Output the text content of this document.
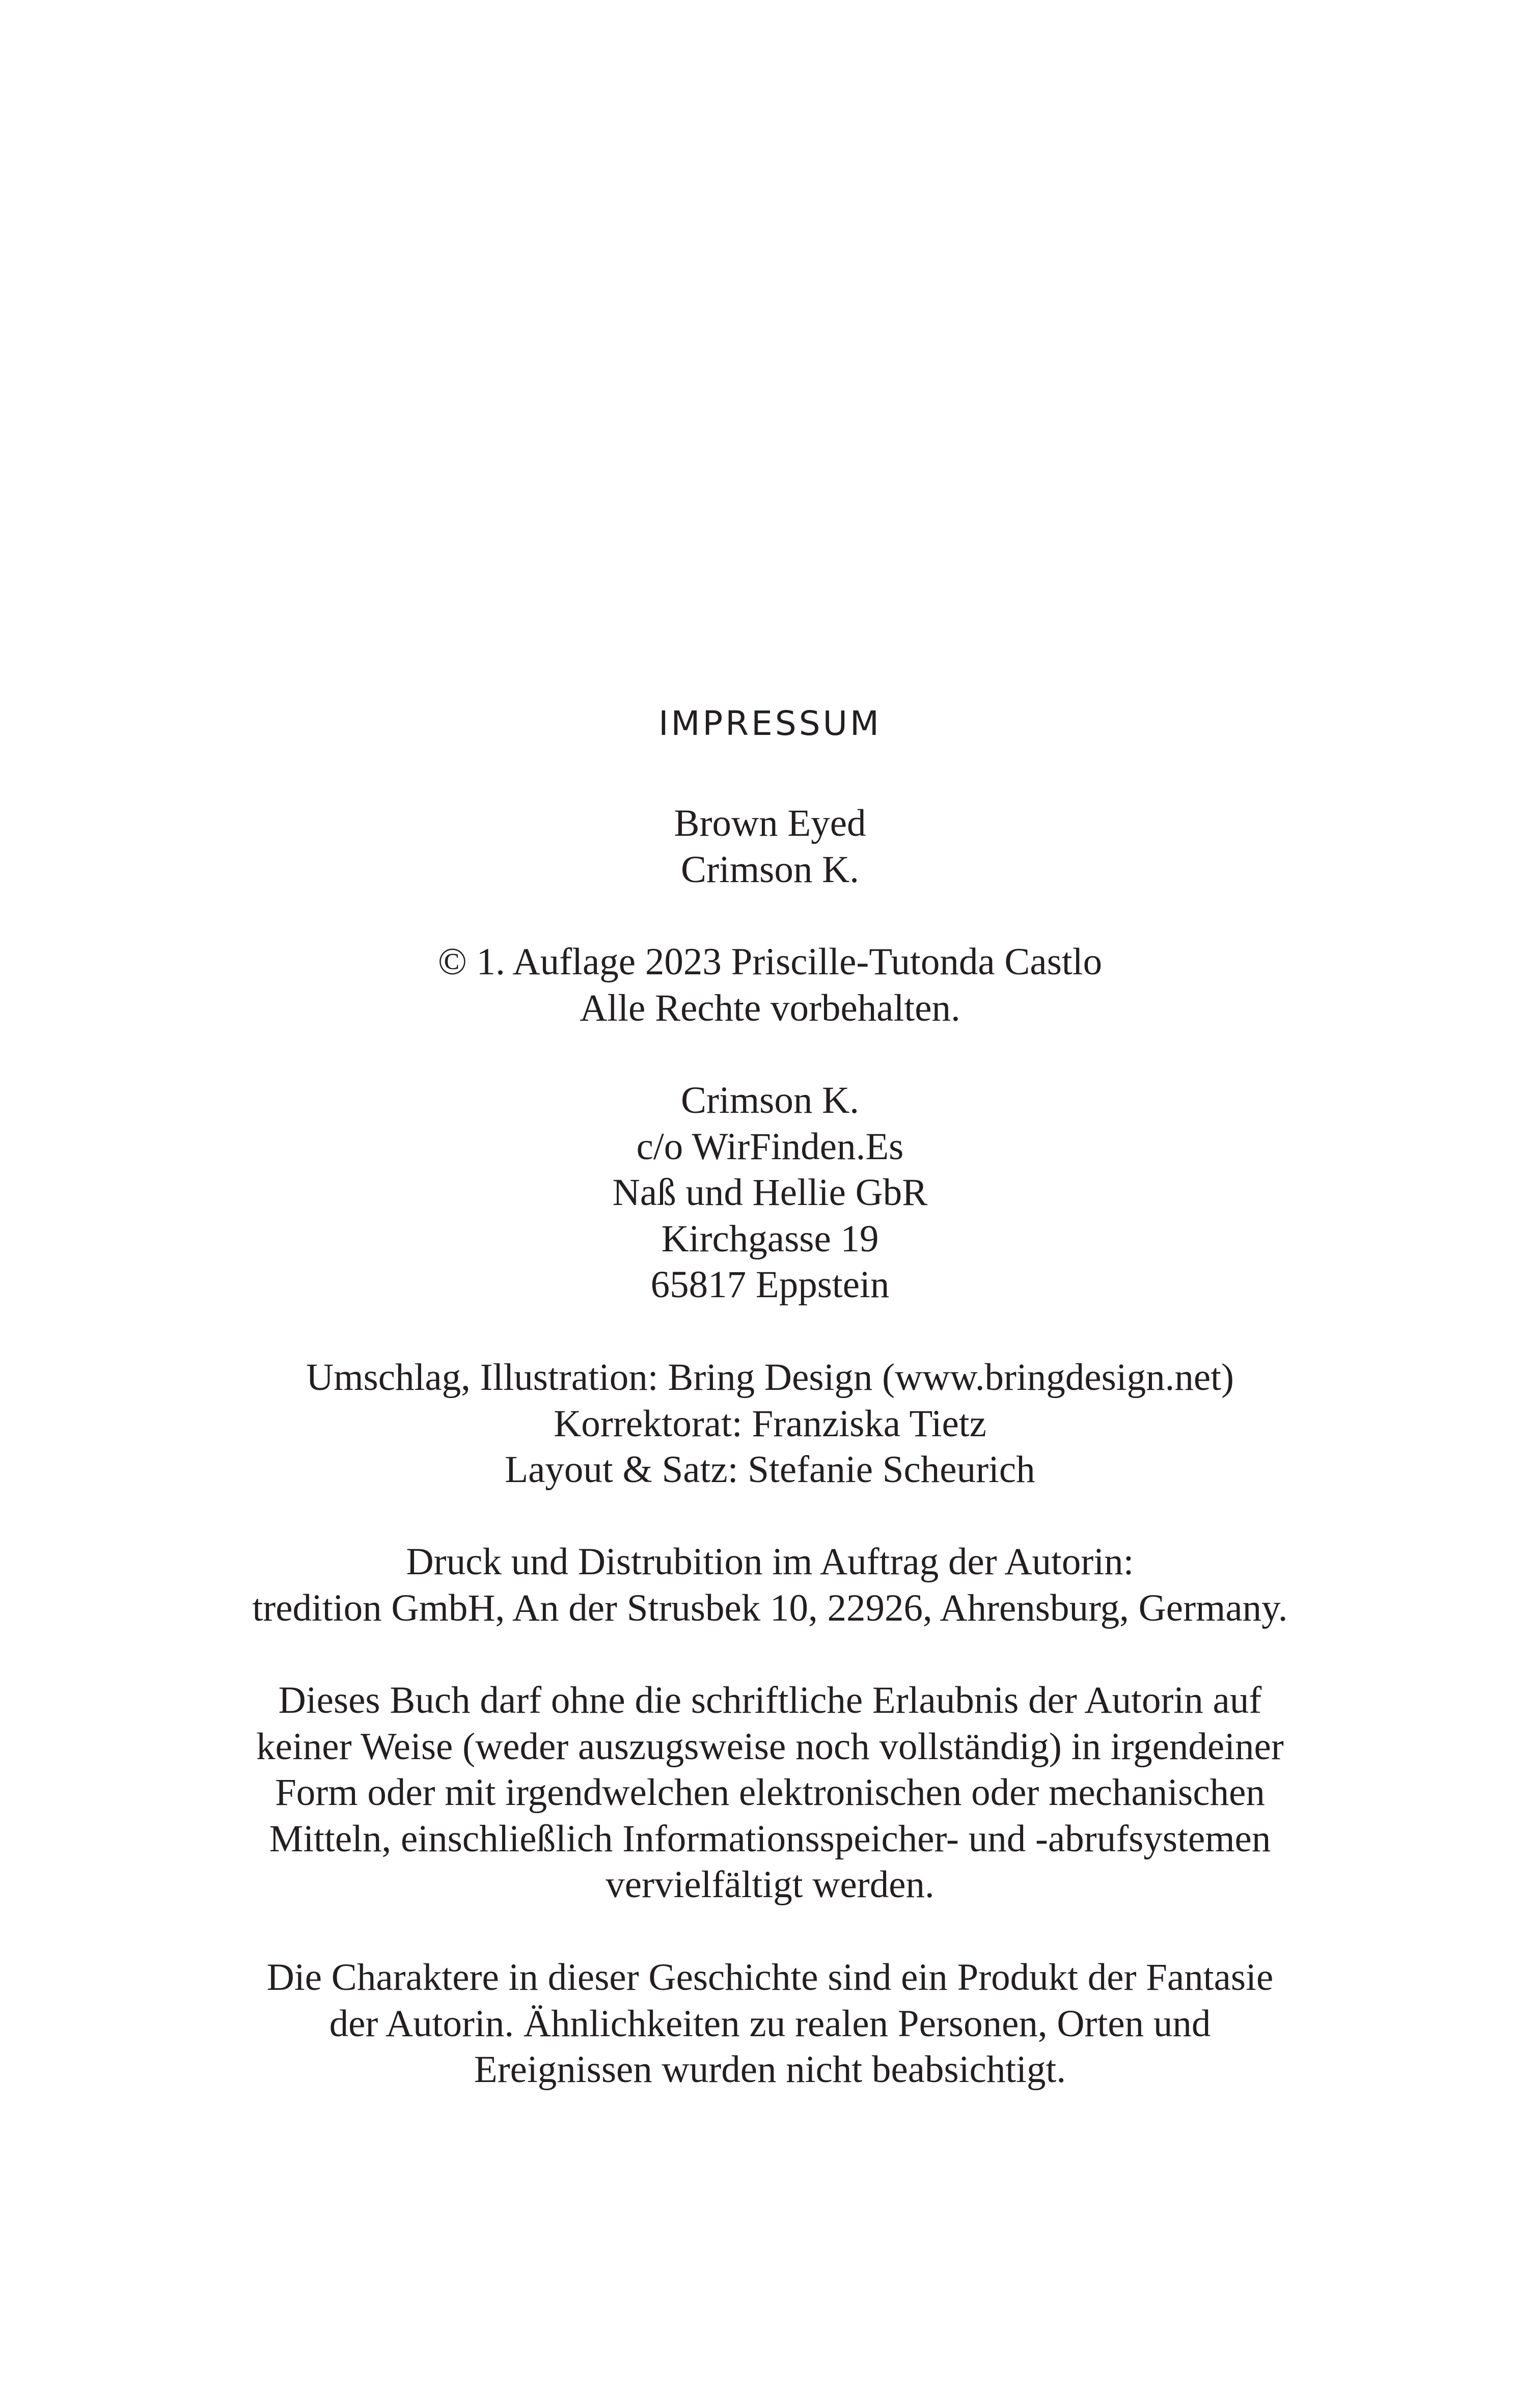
IMPRESSUM
Brown Eyed
Crimson K.
© 1. Auflage 2023 Priscille-Tutonda Castlo
Alle Rechte vorbehalten.
Crimson K.
c/o WirFinden.Es
Naß und Hellie GbR
Kirchgasse 19
65817 Eppstein
Umschlag, Illustration: Bring Design (www.bringdesign.net)
Korrektorat: Franziska Tietz
Layout & Satz: Stefanie Scheurich
Druck und Distrubition im Auftrag der Autorin:
tredition GmbH, An der Strusbek 10, 22926, Ahrensburg, Germany.
Dieses Buch darf ohne die schriftliche Erlaubnis der Autorin auf
keiner Weise (weder auszugsweise noch vollständig) in irgendeiner
Form oder mit irgendwelchen elektronischen oder mechanischen
Mitteln, einschließlich Informationsspeicher- und -abrufsystemen
vervielfältigt werden.
Die Charaktere in dieser Geschichte sind ein Produkt der Fantasie
der Autorin. Ähnlichkeiten zu realen Personen, Orten und
Ereignissen wurden nicht beabsichtigt.
